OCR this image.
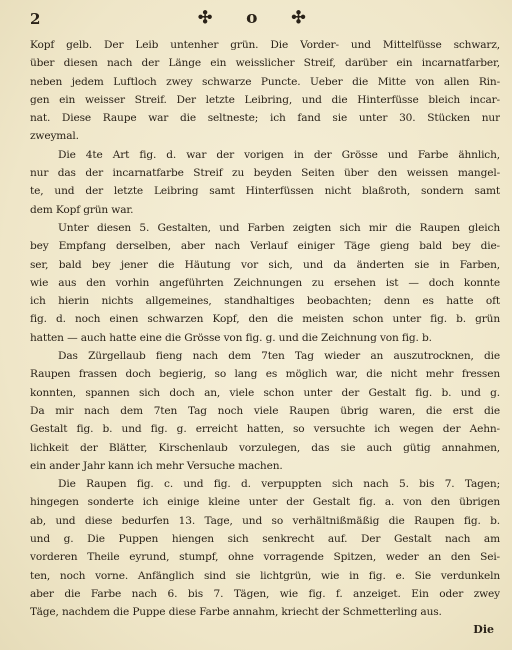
2	✣ o ✣
Kopf gelb. Der Leib untenher grün. Die Vorder- und Mittelfüsse schwarz,
über diesen nach der Länge ein weisslicher Streif, darüber ein incarnatfarber,
neben jedem Luftloch zwey schwarze Puncte. Ueber die Mitte von allen Rin-
gen ein weisser Streif. Der letzte Leibring, und die Hinterfüsse bleich incar-
nat. Diese Raupe war die seltneste; ich fand sie unter 30. Stücken nur
zweymal.
Die 4te Art fig. d. war der vorigen in der Grösse und Farbe ähnlich,
nur das der incarnatfarbe Streif zu beyden Seiten über den weissen mangel-
te, und der letzte Leibring samt Hinterfüssen nicht blaßroth, sondern samt
dem Kopf grün war.
Unter diesen 5. Gestalten, und Farben zeigten sich mir die Raupen gleich
bey Empfang derselben, aber nach Verlauf einiger Täge gieng bald bey die-
ser, bald bey jener die Häutung vor sich, und da änderten sie in Farben,
wie aus den vorhin angeführten Zeichnungen zu ersehen ist — doch konnte
ich hierin nichts allgemeines, standhaltiges beobachten; denn es hatte oft
fig. d. noch einen schwarzen Kopf, den die meisten schon unter fig. b. grün
hatten — auch hatte eine die Grösse von fig. g. und die Zeichnung von fig. b.
Das Zürgellaub fieng nach dem 7ten Tag wieder an auszutrocknen, die
Raupen frassen doch begierig, so lang es möglich war, die nicht mehr fressen
konnten, spannen sich doch an, viele schon unter der Gestalt fig. b. und g.
Da mir nach dem 7ten Tag noch viele Raupen übrig waren, die erst die
Gestalt fig. b. und fig. g. erreicht hatten, so versuchte ich wegen der Aehn-
lichkeit der Blätter, Kirschenlaub vorzulegen, das sie auch gütig annahmen,
ein ander Jahr kann ich mehr Versuche machen.
Die Raupen fig. c. und fig. d. verpuppten sich nach 5. bis 7. Tagen;
hingegen sonderte ich einige kleine unter der Gestalt fig. a. von den übrigen
ab, und diese bedurfen 13. Tage, und so verhältnißmäßig die Raupen fig. b.
und g. Die Puppen hiengen sich senkrecht auf. Der Gestalt nach am
vorderen Theile eyrund, stumpf, ohne vorragende Spitzen, weder an den Sei-
ten, noch vorne. Anfänglich sind sie lichtgrün, wie in fig. e. Sie verdunkeln
aber die Farbe nach 6. bis 7. Tägen, wie fig. f. anzeiget. Ein oder zwey
Täge, nachdem die Puppe diese Farbe annahm, kriecht der Schmetterling aus.
Die
